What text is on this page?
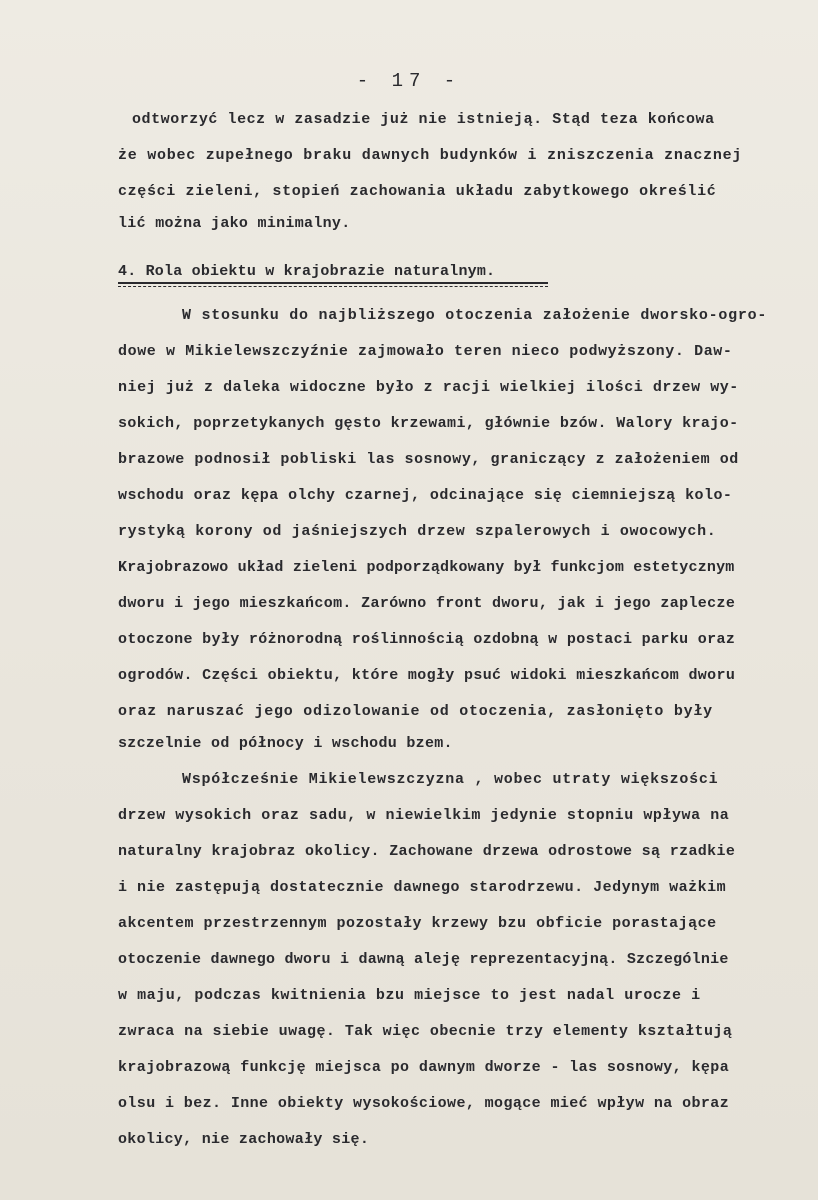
- 17 -
odtworzyć lecz w zasadzie już nie istnieją. Stąd teza końcowa
że wobec zupełnego braku dawnych budynków i zniszczenia znacznej
części zieleni, stopień zachowania układu zabytkowego określić
lić można jako minimalny.
4. Rola obiektu w krajobrazie naturalnym.
W stosunku do najbliższego otoczenia założenie dworsko-ogro-
dowe w Mikielewszczyźnie zajmowało teren nieco podwyższony. Daw-
niej już z daleka widoczne było z racji wielkiej ilości drzew wy-
sokich, poprzetykanych gęsto krzewami, głównie bzów. Walory krajo-
brazowe podnosił pobliski las sosnowy, graniczący z założeniem od
wschodu oraz kępa olchy czarnej, odcinające się ciemniejszą kolo-
rystyką korony od jaśniejszych drzew szpalerowych i owocowych.
Krajobrazowo układ zieleni podporządkowany był funkcjom estetycznym
dworu i jego mieszkańcom. Zarówno front dworu, jak i jego zaplecze
otoczone były różnorodną roślinnością ozdobną w postaci parku oraz
ogrodów. Części obiektu, które mogły psuć widoki mieszkańcom dworu
oraz naruszać jego odizolowanie od otoczenia, zasłonięto były
szczelnie od północy i wschodu bzem.
Współcześnie Mikielewszczyzna , wobec utraty większości
drzew wysokich oraz sadu, w niewielkim jedynie stopniu wpływa na
naturalny krajobraz okolicy. Zachowane drzewa odrostowe są rzadkie
i nie zastępują dostatecznie dawnego starodrzewu. Jedynym ważkim
akcentem przestrzennym pozostały krzewy bzu obficie porastające
otoczenie dawnego dworu i dawną aleję reprezentacyjną. Szczególnie
w maju, podczas kwitnienia bzu miejsce to jest nadal urocze i
zwraca na siebie uwagę. Tak więc obecnie trzy elementy kształtują
krajobrazową funkcję miejsca po dawnym dworze - las sosnowy, kępa
olsu i bez. Inne obiekty wysokościowe, mogące mieć wpływ na obraz
okolicy, nie zachowały się.
